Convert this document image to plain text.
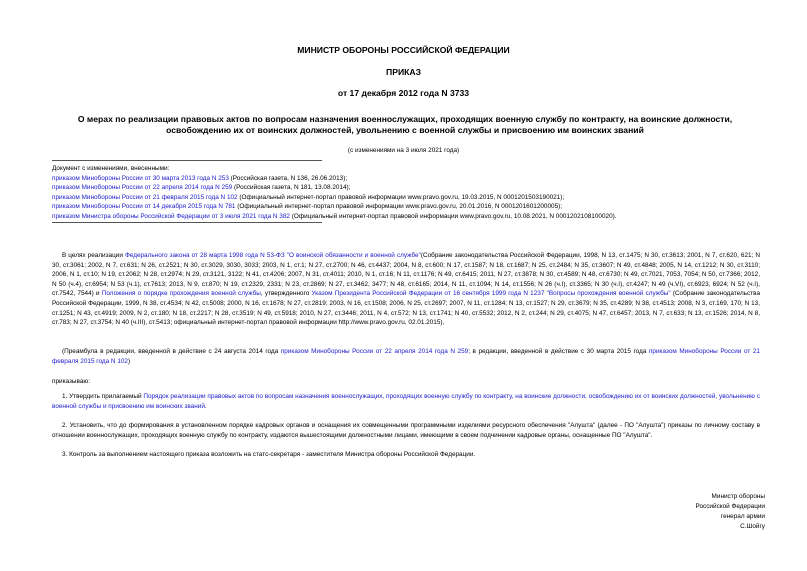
МИНИСТР ОБОРОНЫ РОССИЙСКОЙ ФЕДЕРАЦИИ
ПРИКАЗ
от 17 декабря 2012 года N 3733
О мерах по реализации правовых актов по вопросам назначения военнослужащих, проходящих военную службу по контракту, на воинские должности,
освобождению их от воинских должностей, увольнению с военной службы и присвоению им воинских званий
(с изменениями на 3 июля 2021 года)
Документ с изменениями, внесенными:
приказом Минобороны России от 30 марта 2013 года N 253 (Российская газета, N 136, 26.06.2013);
приказом Минобороны России от 22 апреля 2014 года N 259 (Российская газета, N 181, 13.08.2014);
приказом Минобороны России от 21 февраля 2015 года N 102 (Официальный интернет-портал правовой информации www.pravo.gov.ru, 19.03.2015, N 0001201503190021);
приказом Минобороны России от 14 декабря 2015 года N 781 (Официальный интернет-портал правовой информации www.pravo.gov.ru, 20.01.2016, N 0001201601200005);
приказом Министра обороны Российской Федерации от 3 июля 2021 года N 382 (Официальный интернет-портал правовой информации www.pravo.gov.ru, 10.08.2021, N 0001202108100020).
В целях реализации Федерального закона от 28 марта 1998 года N 53-ФЗ "О воинской обязанности и военной службе"(Собрание законодательства Российской Федерации, 1998, N 13, ст.1475; N 30, ст.3613; 2001, N 7, ст.620, 621; N 30, ст.3061; 2002, N 7, ст.631; N 26, ст.2521; N 30, ст.3029, 3030, 3033; 2003, N 1, ст.1; N 27, ст.2700; N 46, ст.4437; 2004, N 8, ст.600; N 17, ст.1587; N 18, ст.1687; N 25, ст.2484; N 35, ст.3607; N 49, ст.4848; 2005, N 14, ст.1212; N 30, ст.3110; 2006, N 1, ст.10; N 19, ст.2062; N 28, ст.2974; N 29, ст.3121, 3122; N 41, ст.4206; 2007, N 31, ст.4011; 2010, N 1, ст.16; N 11, ст.1176; N 49, ст.6415; 2011, N 27, ст.3878; N 30, ст.4589; N 48, ст.6730; N 49, ст.7021, 7053, 7054; N 50, ст.7366; 2012, N 50 (ч.4), ст.6954; N 53 (ч.1), ст.7613; 2013, N 9, ст.870; N 19, ст.2329, 2331; N 23, ст.2869; N 27, ст.3462, 3477; N 48, ст.6165; 2014, N 11, ст.1094; N 14, ст.1556; N 26 (ч.I), ст.3365; N 30 (ч.I), ст.4247; N 49 (ч.VI), ст.6923, 6924; N 52 (ч.I), ст.7542, 7544) и Положения о порядке прохождения военной службы, утвержденного Указом Президента Российской Федерации от 16 сентября 1999 года N 1237 "Вопросы прохождения военной службы" (Собрание законодательства Российской Федерации, 1999, N 38, ст.4534; N 42, ст.5008; 2000, N 16, ст.1678; N 27, ст.2819; 2003, N 16, ст.1508; 2006, N 25, ст.2697; 2007, N 11, ст.1284; N 13, ст.1527; N 29, ст.3679; N 35, ст.4289; N 38, ст.4513; 2008, N 3, ст.169, 170; N 13, ст.1251; N 43, ст.4919; 2009, N 2, ст.180; N 18, ст.2217; N 28, ст.3519; N 49, ст.5918; 2010, N 27, ст.3446; 2011, N 4, ст.572; N 13, ст.1741; N 40, ст.5532; 2012, N 2, ст.244; N 29, ст.4075; N 47, ст.6457; 2013, N 7, ст.633; N 13, ст.1526; 2014, N 8, ст.783; N 27, ст.3754; N 40 (ч.III), ст.5413; официальный интернет-портал правовой информации http://www.pravo.gov.ru, 02.01.2015),
(Преамбула в редакции, введенной в действие с 24 августа 2014 года приказом Минобороны России от 22 апреля 2014 года N 259; в редакции, введенной в действие с 30 марта 2015 года приказом Минобороны России от 21 февраля 2015 года N 102)
приказываю:
1. Утвердить прилагаемый Порядок реализации правовых актов по вопросам назначения военнослужащих, проходящих военную службу по контракту, на воинские должности, освобождению их от воинских должностей, увольнению с военной службы и присвоению им воинских званий.
2. Установить, что до формирования в установленном порядке кадровых органов и оснащения их совмещенными программными изделиями ресурсного обеспечения "Алушта" (далее - ПО "Алушта") приказы по личному составу в отношении военнослужащих, проходящих военную службу по контракту, издаются вышестоящими должностными лицами, имеющими в своем подчинении кадровые органы, оснащенные ПО "Алушта".
3. Контроль за выполнением настоящего приказа возложить на статс-секретаря - заместителя Министра обороны Российской Федерации.
Министр обороны
Российской Федерации
генерал армии
С.Шойгу
